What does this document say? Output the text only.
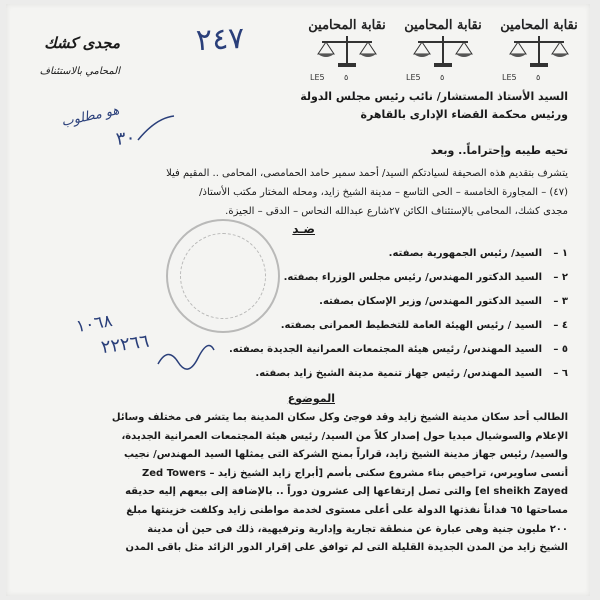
٢٤٧	نقابة المحامين
LE5 ٥
نقابة المحامين
LE5 ٥
نقابة المحامين
LE5 ٥
مجدى كشك
المحامي بالاستئناف
هو مطلوب
٣٠
السيد الأستاذ المستشار/ نائب رئيس مجلس الدولة
ورئيس محكمة القضاء الإدارى بالقاهرة
تحيه طيبه وإحتراماً.. وبعد
يتشرف بتقديم هذه الصحيفة لسيادتكم السيد/ أحمد سمير حامد الحمامصى، المحامى .. المقيم فيلا
(٤٧) – المجاورة الخامسة – الحى التاسع – مدينة الشيخ زايد، ومحله المختار مكتب الأستاذ/
مجدى كشك، المحامى بالإستئناف الكائن ٢٧شارع عبدالله النحاس – الدقى – الجيزة.
ضـد
١ –السيد/ رئيس الجمهورية بصفته.
٢ –السيد الدكتور المهندس/ رئيس مجلس الوزراء بصفته.
٣ –السيد الدكتور المهندس/ وزير الإسكان بصفته.
٤ –السيد / رئيس الهيئة العامة للتخطيط العمرانى بصفته.
٥ –السيد المهندس/ رئيس هيئة المجتمعات العمرانية الجديدة بصفته.
٦ –السيد المهندس/ رئيس جهاز تنمية مدينة الشيخ زايد بصفته.
١٠٦٨
٢٢٢٦٦
الموضوع
الطالب أحد سكان مدينة الشيخ زايد وقد فوجئ وكل سكان المدينة بما يتشر فى مختلف وسائل
الإعلام والسوشيال ميديا حول إصدار كلاً من السيد/ رئيس هيئة المجتمعات العمرانية الجديدة،
والسيد/ رئيس جهاز مدينة الشيخ زايد، قراراً بمنح الشركة التى يمثلها السيد المهندس/ نجيب
أنسى ساويرس، تراخيص بناء مشروع سكنى بأسم [أبراج زايد الشيخ زايد – Zed Towers
el sheikh Zayed] والتى تصل إرتفاعها إلى عشرون دوراً .. بالإضافة إلى بيعهم إليه حديقه
مساحتها ٦٥ فداناً نفذتها الدولة على أعلى مستوى لخدمة مواطنى زايد وكلفت خزينتها مبلغ
٢٠٠ مليون جنية وهى عبارة عن منطقة تجارية وإدارية وترفيهية، ذلك فى حين أن مدينة
الشيخ زايد من المدن الجديدة القليلة التى لم توافق على إقرار الدور الزائد مثل باقى المدن
